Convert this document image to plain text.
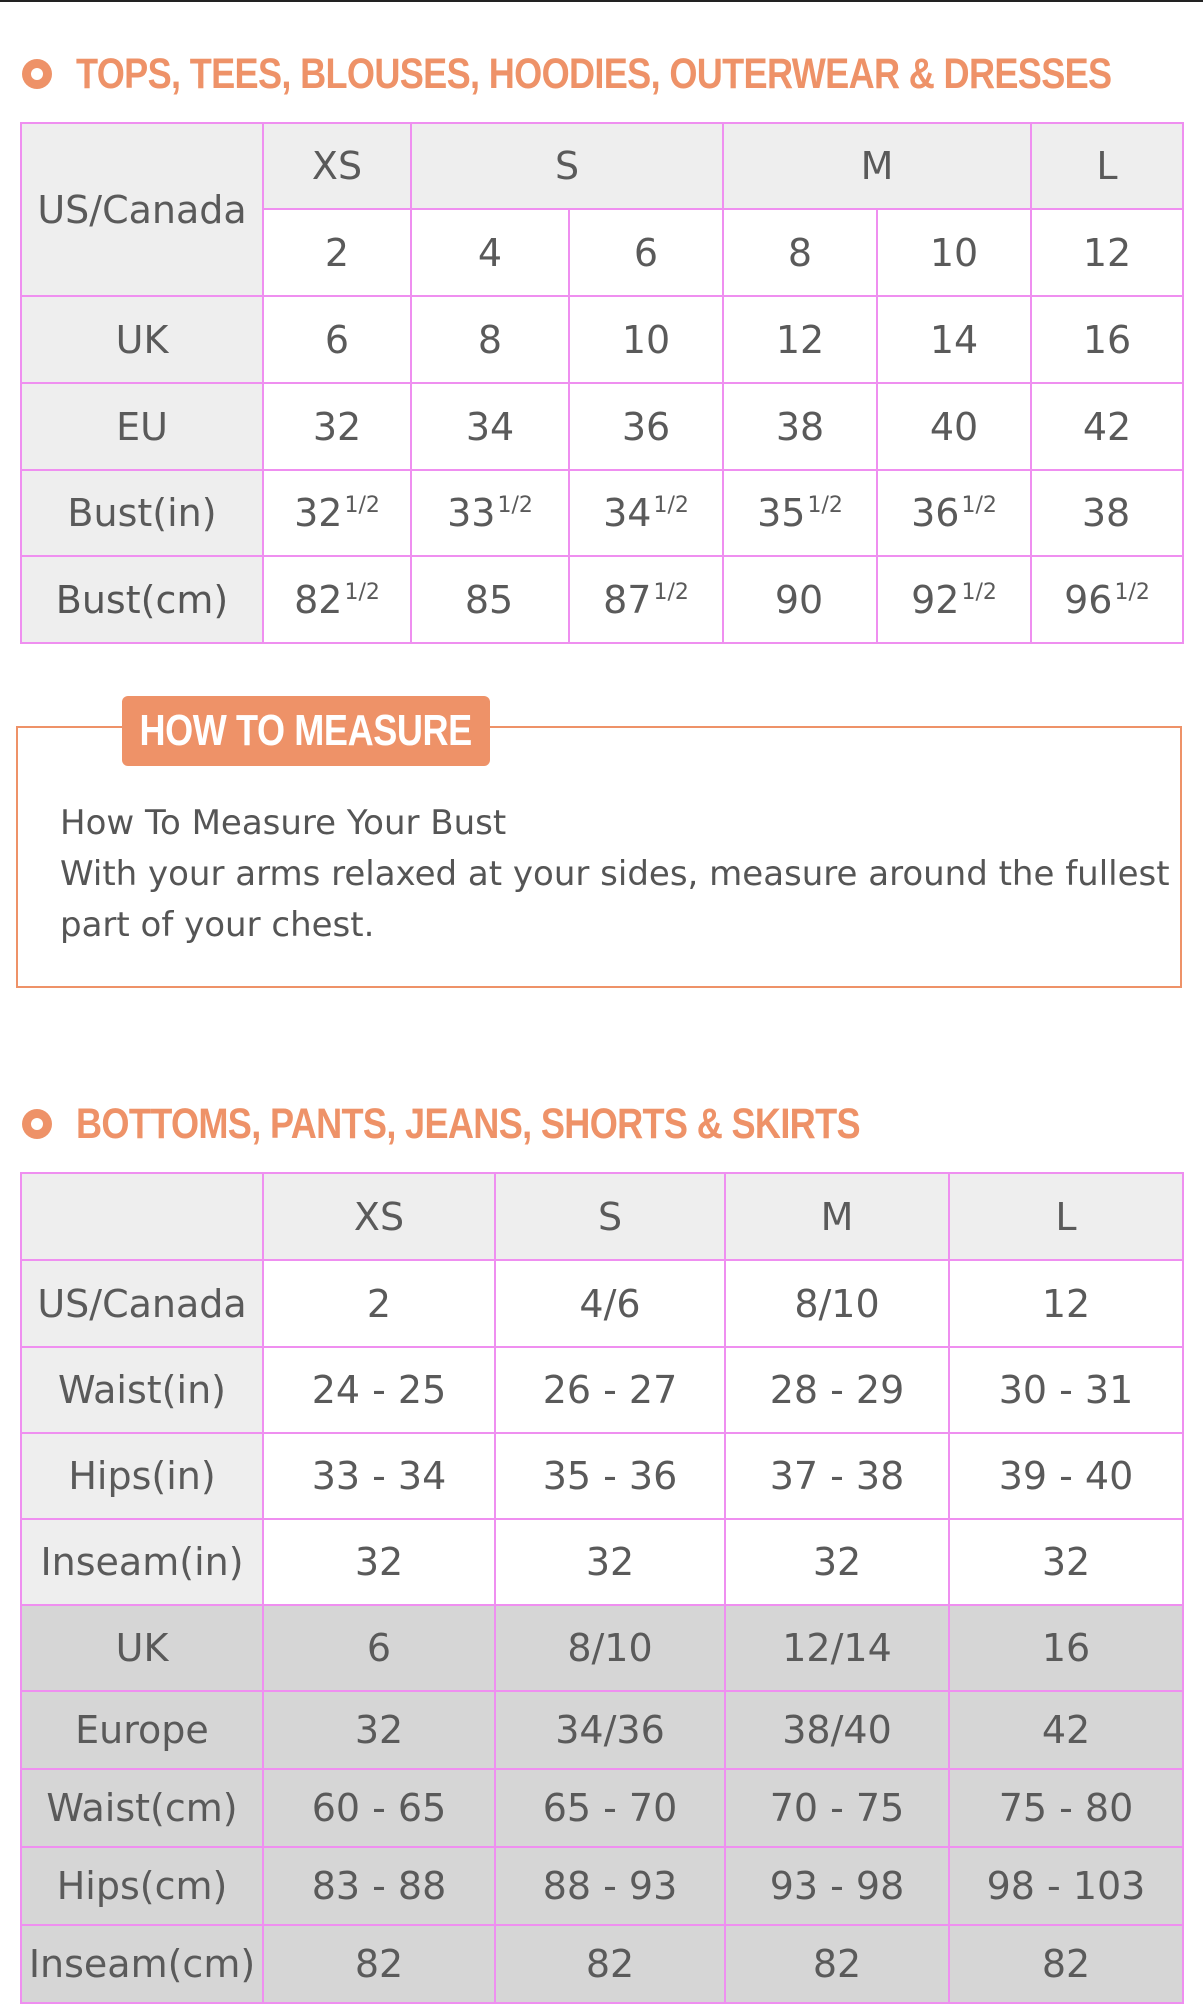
TOPS, TEES, BLOUSES, HOODIES, OUTERWEAR & DRESSES
US/Canada	XS	S		M		L
	2	4	6	8	10	12
UK	6	8	10	12	14	16
EU	32	34	36	38	40	42
Bust(in)	$32^{1/2}$	$33^{1/2}$	$34^{1/2}$	$35^{1/2}$	$36^{1/2}$	38
Bust(cm)	$82^{1/2}$	85	$87^{1/2}$	90	$92^{1/2}$	$96^{1/2}$
HOW TO MEASURE
How To Measure Your Bust
With your arms relaxed at your sides, measure around the fullest
part of your chest.
BOTTOMS, PANTS, JEANS, SHORTS & SKIRTS
	XS	S	M	L
US/Canada	2	4/6	8/10	12
Waist(in)	24 - 25	26 - 27	28 - 29	30 - 31
Hips(in)	33 - 34	35 - 36	37 - 38	39 - 40
Inseam(in)	32	32	32	32
UK	6	8/10	12/14	16
Europe	32	34/36	38/40	42
Waist(cm)	60 - 65	65 - 70	70 - 75	75 - 80
Hips(cm)	83 - 88	88 - 93	93 - 98	98 - 103
Inseam(cm)	82	82	82	82
